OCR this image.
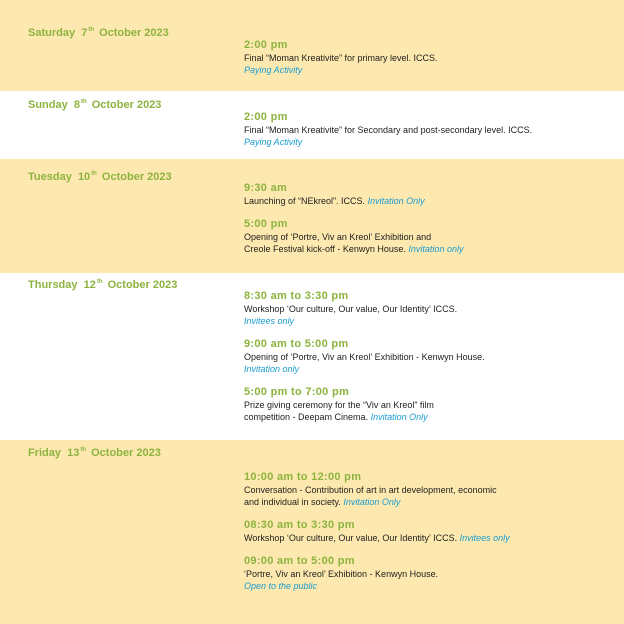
Saturday 7th October 2023
2:00 pm
Final “Moman Kreativite” for primary level. ICCS.
Paying Activity
Sunday 8th October 2023
2:00 pm
Final “Moman Kreativite” for Secondary and post-secondary level. ICCS.
Paying Activity
Tuesday 10th October 2023
9:30 am
Launching of “NEkreol”. ICCS. Invitation Only
5:00 pm
Opening of ‘Portre, Viv an Kreol’ Exhibition and
Creole Festival kick-off - Kenwyn House. Invitation only
Thursday 12th October 2023
8:30 am to 3:30 pm
Workshop ‘Our culture, Our value, Our Identity’ ICCS.
Invitees only
9:00 am to 5:00 pm
Opening of ‘Portre, Viv an Kreol’ Exhibition - Kenwyn House.
Invitation only
5:00 pm to 7:00 pm
Prize giving ceremony for the “Viv an Kreol” film
competition - Deepam Cinema. Invitation Only
Friday 13th October 2023
10:00 am to 12:00 pm
Conversation - Contribution of art in art development, economic
and individual in society. Invitation Only
08:30 am to 3:30 pm
Workshop ‘Our culture, Our value, Our Identity’ ICCS. Invitees only
09:00 am to 5:00 pm
‘Portre, Viv an Kreol’ Exhibition - Kenwyn House.
Open to the public
